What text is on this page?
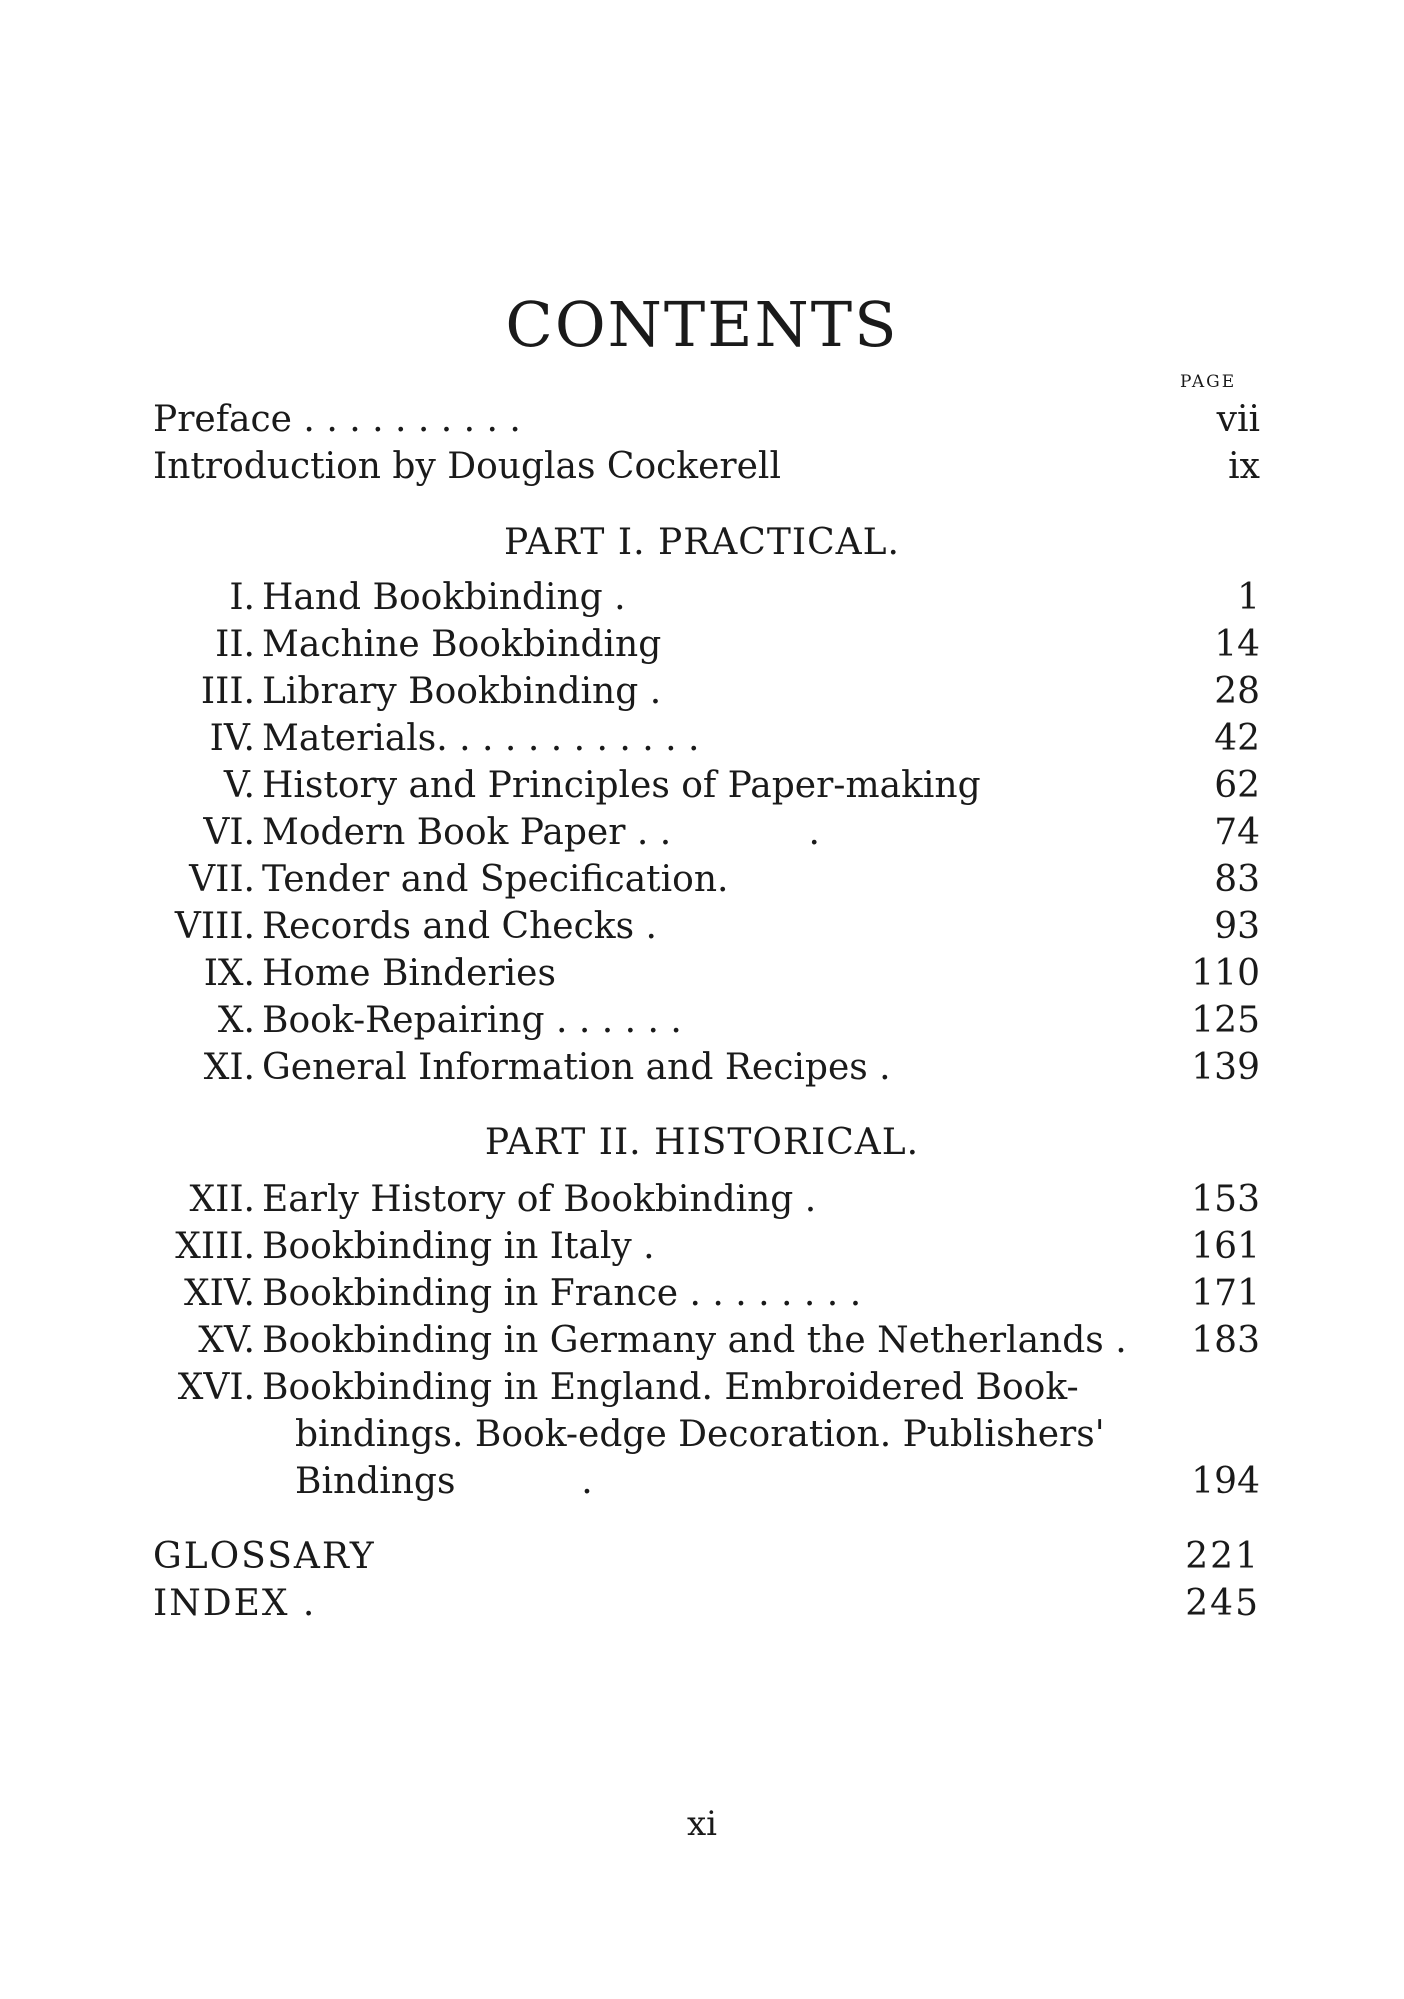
CONTENTS
PAGE
Preface . . . . . . . . . .	vii
Introduction by Douglas Cockerell	ix
PART I. PRACTICAL.
I. Hand Bookbinding .	1
II. Machine Bookbinding	14
III. Library Bookbinding .	28
IV. Materials. . . . . . . . . . . .	42
V. History and Principles of Paper-making	62
VI. Modern Book Paper . .            .	74
VII. Tender and Specification.	83
VIII. Records and Checks .	93
IX. Home Binderies	110
X. Book-Repairing . . . . . .	125
XI. General Information and Recipes .	139
PART II. HISTORICAL.
XII. Early History of Bookbinding .	153
XIII. Bookbinding in Italy .	161
XIV. Bookbinding in France . . . . . . . .	171
XV. Bookbinding in Germany and the Netherlands .	183
XVI. Bookbinding in England. Embroidered Book-
bindings. Book-edge Decoration. Publishers'
Bindings           .	194
GLOSSARY	221
INDEX .	245
xi
